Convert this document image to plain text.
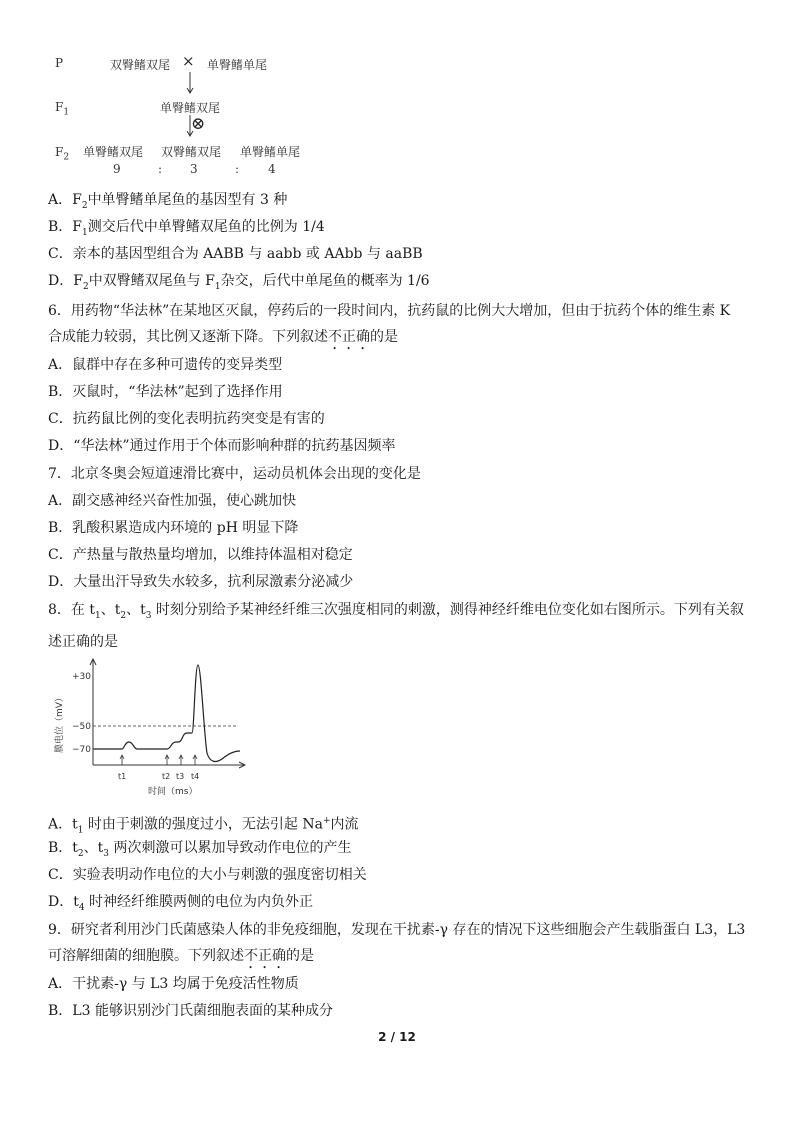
P	双臀鳍双尾 × 单臀鳍单尾
$F_1$	单臀鳍双尾
⊗
$F_2$ 单臀鳍双尾 双臀鳍双尾 单臀鳍单尾
9	: 3	: 4
A．$F_2$中单臀鳍单尾鱼的基因型有 3 种
B．$F_1$测交后代中单臀鳍双尾鱼的比例为 1/4
C．亲本的基因型组合为 AABB 与 aabb 或 AAbb 与 aaBB
D．$F_2$中双臀鳍双尾鱼与 $F_1$杂交，后代中单尾鱼的概率为 1/6
6．用药物“华法林”在某地区灭鼠，停药后的一段时间内，抗药鼠的比例大大增加，但由于抗药个体的维生素 K 合成能力较弱，其比例又逐渐下降。下列叙述不正确的是
A．鼠群中存在多种可遗传的变异类型
B．灭鼠时，“华法林”起到了选择作用
C．抗药鼠比例的变化表明抗药突变是有害的
D．“华法林”通过作用于个体而影响种群的抗药基因频率
7．北京冬奥会短道速滑比赛中，运动员机体会出现的变化是
A．副交感神经兴奋性加强，使心跳加快
B．乳酸积累造成内环境的 pH 明显下降
C．产热量与散热量均增加，以维持体温相对稳定
D．大量出汗导致失水较多，抗利尿激素分泌减少
8．在 $t_1$、$t_2$、$t_3$ 时刻分别给予某神经纤维三次强度相同的刺激，测得神经纤维电位变化如右图所示。下列有关叙述正确的是
+30
−50
−70
t1	t2 t3 t4
时间（ms）
膜电位（mV）
A．$t_1$ 时由于刺激的强度过小，无法引起 Na+内流
B．$t_2$、$t_3$ 两次刺激可以累加导致动作电位的产生
C．实验表明动作电位的大小与刺激的强度密切相关
D．$t_4$ 时神经纤维膜两侧的电位为内负外正
9．研究者利用沙门氏菌感染人体的非免疫细胞，发现在干扰素-γ 存在的情况下这些细胞会产生载脂蛋白 L3，L3 可溶解细菌的细胞膜。下列叙述不正确的是
A．干扰素-γ 与 L3 均属于免疫活性物质
B．L3 能够识别沙门氏菌细胞表面的某种成分
2 / 12
